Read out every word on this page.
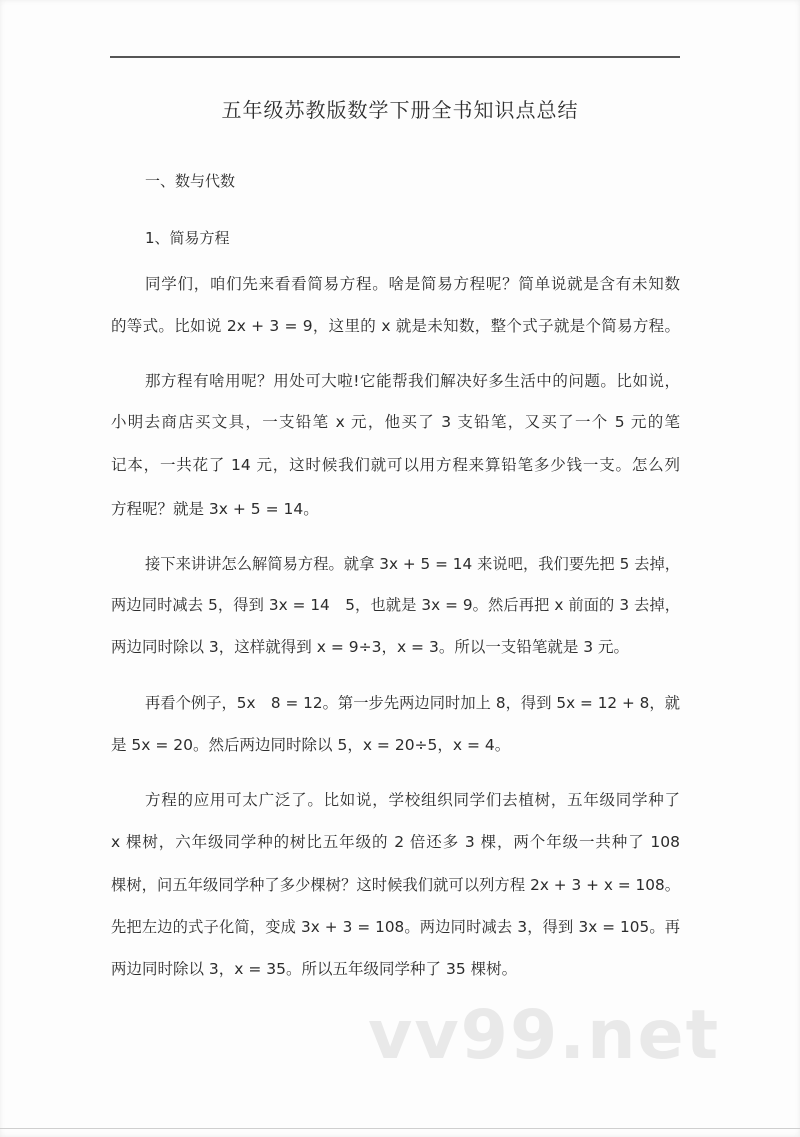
五年级苏教版数学下册全书知识点总结
一、数与代数
1、简易方程
同学们，咱们先来看看简易方程。啥是简易方程呢？简单说就是含有未知数
的等式。比如说 2x + 3 = 9，这里的 x 就是未知数，整个式子就是个简易方程。
那方程有啥用呢？用处可大啦!它能帮我们解决好多生活中的问题。比如说，
小明去商店买文具，一支铅笔 x 元，他买了 3 支铅笔，又买了一个 5 元的笔
记本，一共花了 14 元，这时候我们就可以用方程来算铅笔多少钱一支。怎么列
方程呢？就是 3x + 5 = 14。
接下来讲讲怎么解简易方程。就拿 3x + 5 = 14 来说吧，我们要先把 5 去掉，
两边同时减去 5，得到 3x = 14　5，也就是 3x = 9。然后再把 x 前面的 3 去掉，
两边同时除以 3，这样就得到 x = 9÷3，x = 3。所以一支铅笔就是 3 元。
再看个例子，5x　8 = 12。第一步先两边同时加上 8，得到 5x = 12 + 8，就
是 5x = 20。然后两边同时除以 5，x = 20÷5，x = 4。
方程的应用可太广泛了。比如说，学校组织同学们去植树，五年级同学种了
x 棵树，六年级同学种的树比五年级的 2 倍还多 3 棵，两个年级一共种了 108
棵树，问五年级同学种了多少棵树？这时候我们就可以列方程 2x + 3 + x = 108。
先把左边的式子化简，变成 3x + 3 = 108。两边同时减去 3，得到 3x = 105。再
两边同时除以 3，x = 35。所以五年级同学种了 35 棵树。
vv99.net
